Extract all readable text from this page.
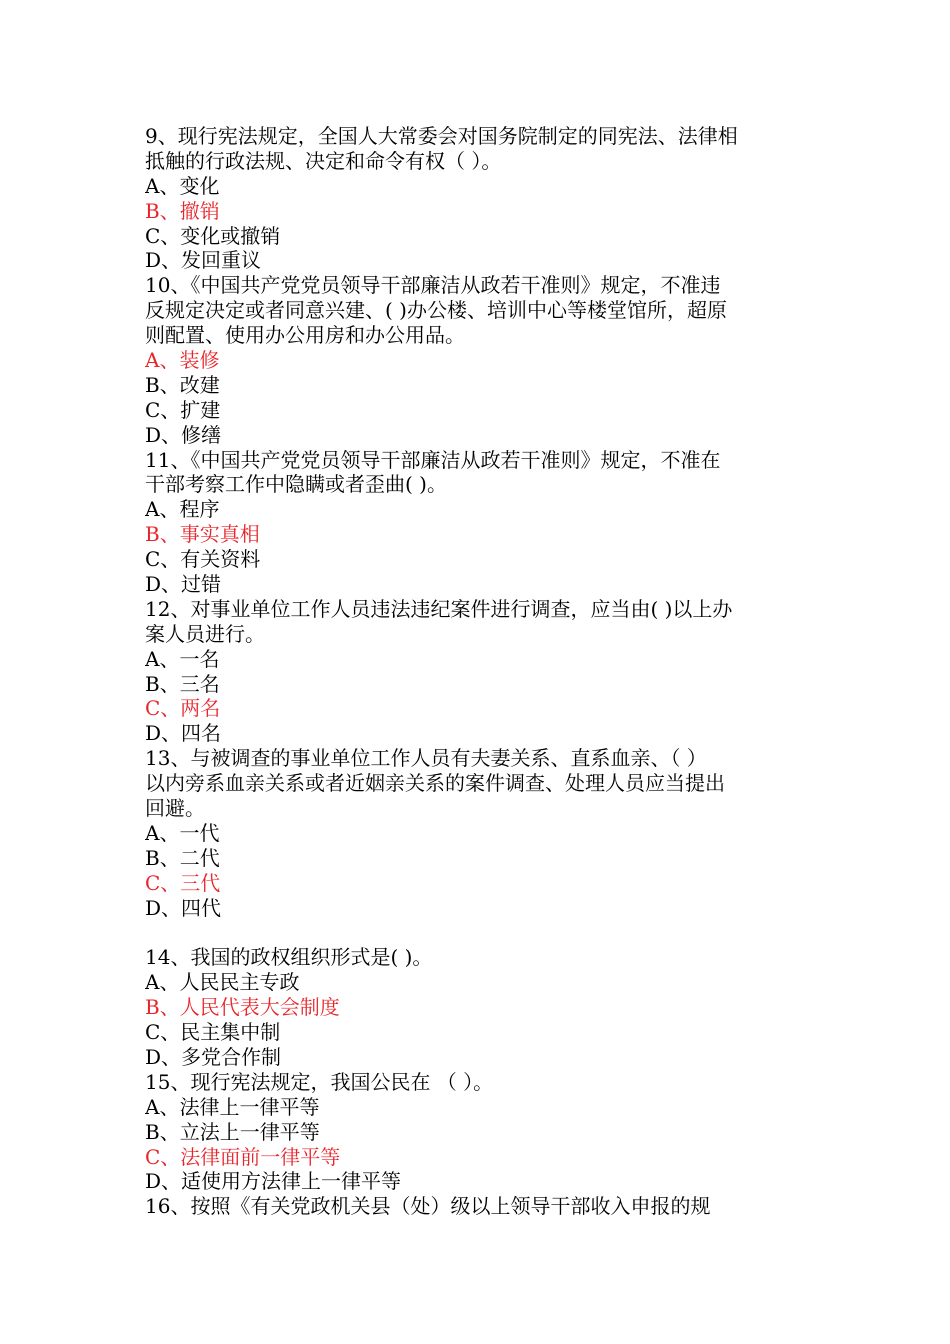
9、现行宪法规定，全国人大常委会对国务院制定的同宪法、法律相
抵触的行政法规、决定和命令有权（ ）。
A、变化
B、撤销
C、变化或撤销
D、发回重议
10、《中国共产党党员领导干部廉洁从政若干准则》规定，不准违
反规定决定或者同意兴建、( )办公楼、培训中心等楼堂馆所，超原
则配置、使用办公用房和办公用品。
A、装修
B、改建
C、扩建
D、修缮
11、《中国共产党党员领导干部廉洁从政若干准则》规定，不准在
干部考察工作中隐瞒或者歪曲( )。
A、程序
B、事实真相
C、有关资料
D、过错
12、对事业单位工作人员违法违纪案件进行调查，应当由( )以上办
案人员进行。
A、一名
B、三名
C、两名
D、四名
13、与被调查的事业单位工作人员有夫妻关系、直系血亲、（ ）
以内旁系血亲关系或者近姻亲关系的案件调查、处理人员应当提出
回避。
A、一代
B、二代
C、三代
D、四代
14、我国的政权组织形式是( )。
A、人民民主专政
B、人民代表大会制度
C、民主集中制
D、多党合作制
15、现行宪法规定，我国公民在 （ ）。
A、法律上一律平等
B、立法上一律平等
C、法律面前一律平等
D、适使用方法律上一律平等
16、按照《有关党政机关县（处）级以上领导干部收入申报的规
